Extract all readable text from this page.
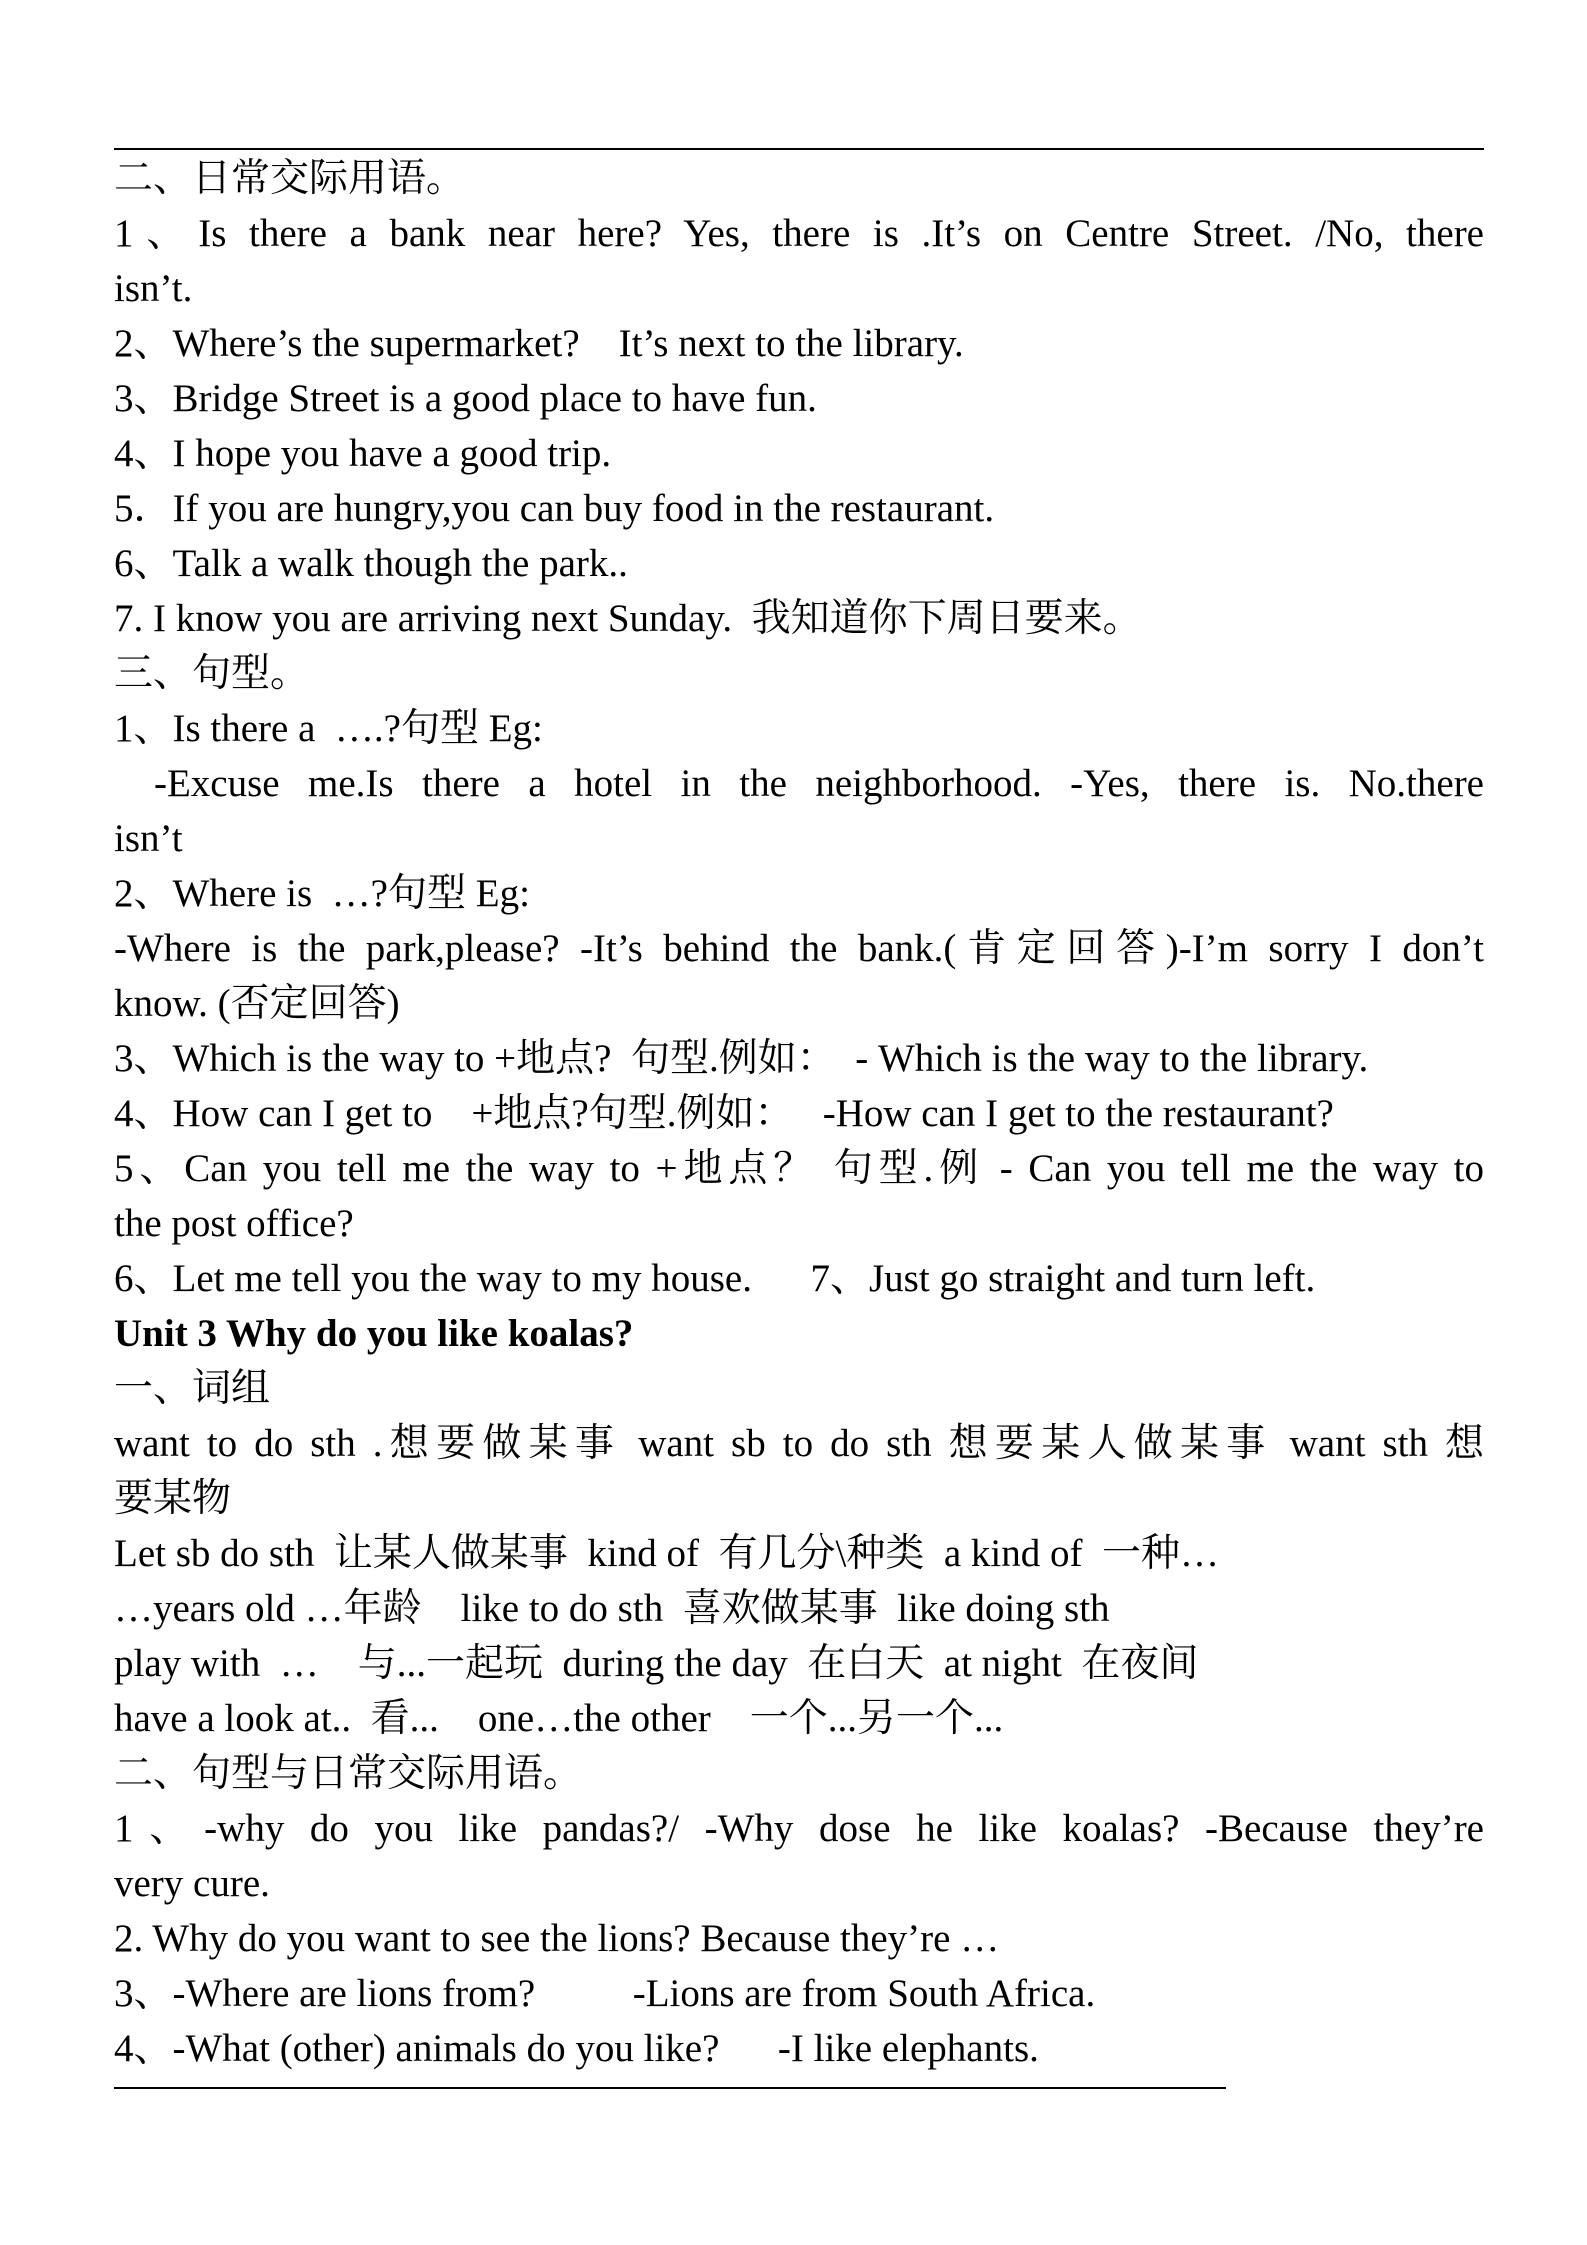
二、日常交际用语。
1、Is there a bank near here? Yes, there is .It’s on Centre Street. /No, there
isn’t.
2、Where’s the supermarket?    It’s next to the library.
3、Bridge Street is a good place to have fun.
4、I hope you have a good trip.
5．If you are hungry,you can buy food in the restaurant.
6、Talk a walk though the park..
7. I know you are arriving next Sunday.  我知道你下周日要来。
三、句型。
1、Is there a  ….?句型 Eg:
-Excuse me.Is there a hotel in the neighborhood. -Yes, there is. No.there
isn’t
2、Where is  …?句型 Eg:
-Where is the park,please? -It’s behind the bank.(肯定回答)-I’m sorry I don’t
know. (否定回答)
3、Which is the way to +地点?  句型.例如：  - Which is the way to the library.
4、How can I get to    +地点?句型.例如：   -How can I get to the restaurant?
5、Can you tell me the way to +地点？ 句型.例 - Can you tell me the way to
the post office?
6、Let me tell you the way to my house.      7、Just go straight and turn left.
Unit 3 Why do you like koalas?
一、词组
want to do sth .想要做某事 want sb to do sth 想要某人做某事 want sth 想
要某物
Let sb do sth  让某人做某事  kind of  有几分\种类  a kind of  一种…
…years old …年龄    like to do sth  喜欢做某事  like doing sth
play with  …    与...一起玩  during the day  在白天  at night  在夜间
have a look at..  看...    one…the other    一个...另一个...
二、句型与日常交际用语。
1、-why do you like pandas?/ -Why dose he like koalas? -Because they’re
very cure.
2. Why do you want to see the lions? Because they’re …
3、-Where are lions from?          -Lions are from South Africa.
4、-What (other) animals do you like?      -I like elephants.
